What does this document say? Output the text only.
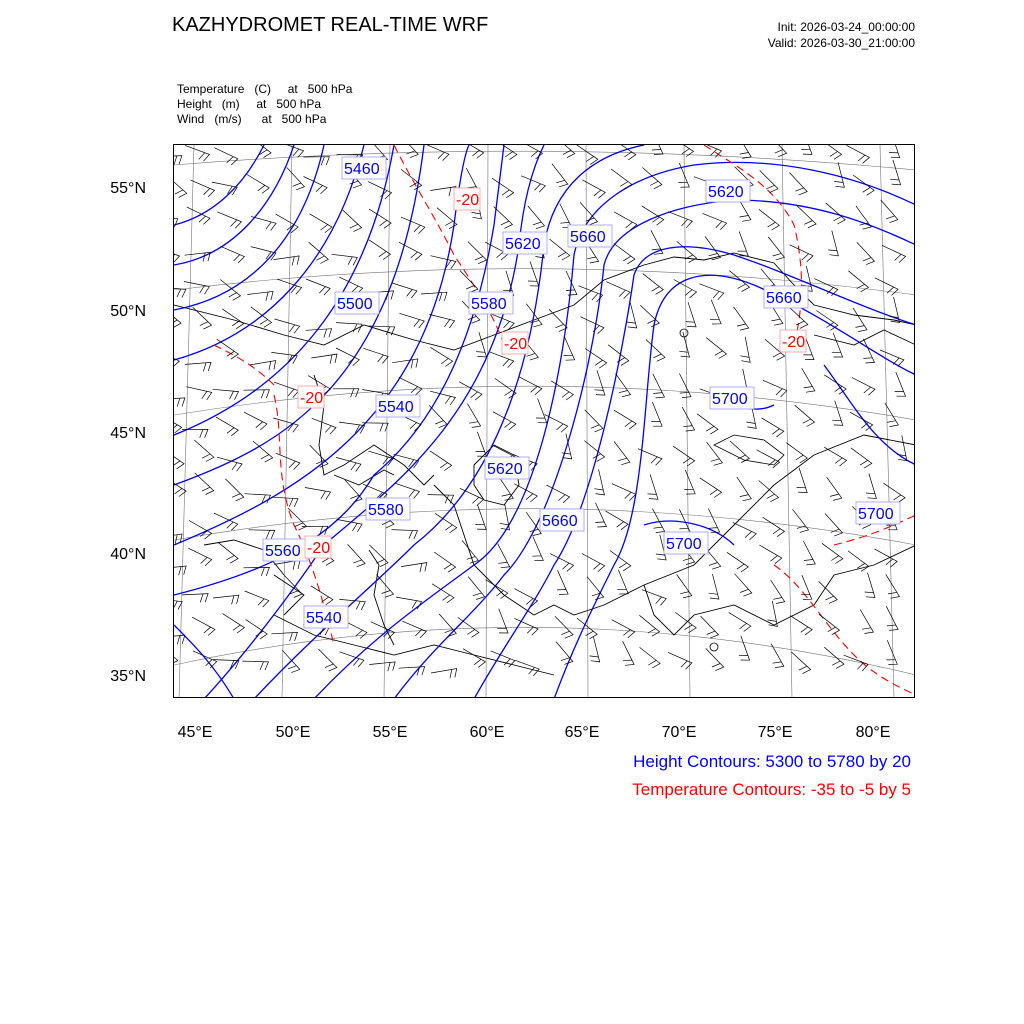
KAZHYDROMET REAL-TIME WRF	Init: 2026-03-24_00:00:00
Valid: 2026-03-30_21:00:00
Temperature   (C)     at   500 hPa
Height   (m)     at   500 hPa
Wind   (m/s)      at   500 hPa
5460
5620
5660
5620
5500	5580	5660
5540	5700
5620
5580
5660
5700
5700
5560
5540
-20
-20	-20
-20
-20
55°N
50°N
45°N
40°N
35°N
45°E	50°E	55°E	60°E	65°E	70°E	75°E	80°E
Height Contours: 5300 to 5780 by 20
Temperature Contours: -35 to -5 by 5
